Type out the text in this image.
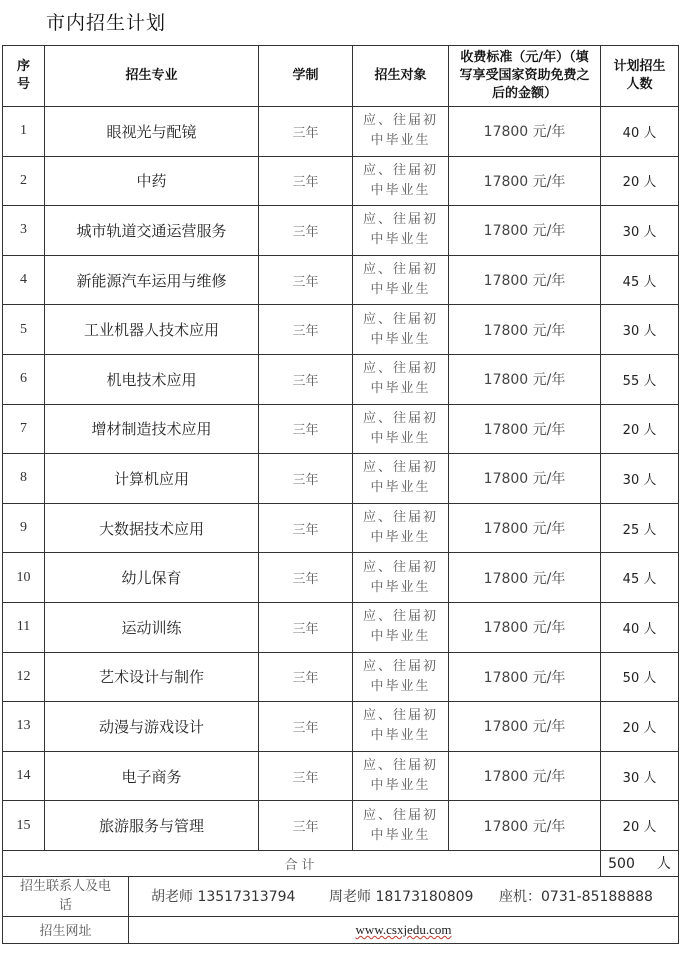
市内招生计划
序号	招生专业		学制	招生对象	收费标准（元/年）（填写享受国家资助免费之后的金额）	计划招生人数

1	眼视光与配镜		三年	应、往届初中毕业生	17800 元/年	40 人
2	中药		三年	应、往届初中毕业生	17800 元/年	20 人
3	城市轨道交通运营服务		三年	应、往届初中毕业生	17800 元/年	30 人
4	新能源汽车运用与维修		三年	应、往届初中毕业生	17800 元/年	45 人
5	工业机器人技术应用		三年	应、往届初中毕业生	17800 元/年	30 人
6	机电技术应用		三年	应、往届初中毕业生	17800 元/年	55 人
7	增材制造技术应用		三年	应、往届初中毕业生	17800 元/年	20 人
8	计算机应用		三年	应、往届初中毕业生	17800 元/年	30 人
9	大数据技术应用		三年	应、往届初中毕业生	17800 元/年	25 人
10	幼儿保育		三年	应、往届初中毕业生	17800 元/年	45 人
11	运动训练		三年	应、往届初中毕业生	17800 元/年	40 人
12	艺术设计与制作		三年	应、往届初中毕业生	17800 元/年	50 人
13	动漫与游戏设计		三年	应、往届初中毕业生	17800 元/年	20 人
14	电子商务		三年	应、往届初中毕业生	17800 元/年	30 人
15	旅游服务与管理		三年	应、往届初中毕业生	17800 元/年	20 人
合计						500 人

招生联系人及电话		胡老师 13517313794 周老师 18173180809 座机：0731-85188888				
招生网址		www.csxjedu.com				
